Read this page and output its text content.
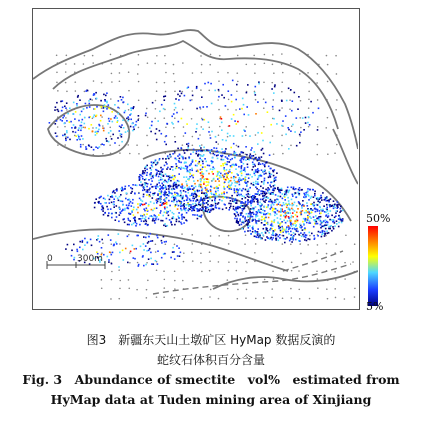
0	300m
50%
5%
图3　新疆东天山土墩矿区 HyMap 数据反演的
蛇纹石体积百分含量
Fig. 3　Abundance of smectite　vol%　estimated from
HyMap data at Tuden mining area of Xinjiang
